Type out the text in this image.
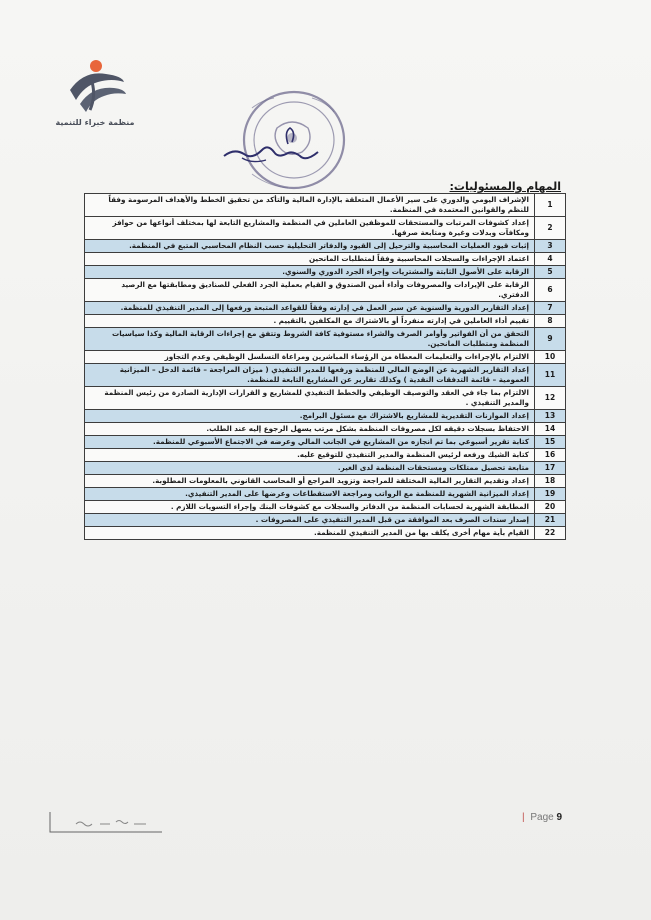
منظمة خبراء للتنمية
المهام والمسئوليات:
1	الإشراف اليومي والدوري على سير الأعمال المتعلقة بالإدارة المالية والتأكد من تحقيق الخطط والأهداف المرسومة وفقاً للنظم والقوانين المعتمدة في المنظمة.
2	إعداد كشوفات المرتبات والمستحقات للموظفين العاملين في المنظمة والمشاريع التابعة لها بمختلف أنواعها من حوافز ومكافآت وبدلات وغيرة ومتابعة صرفها.
3	إثبات قيود العمليات المحاسبية والترحيل إلى القيود والدفاتر التحليلية حسب النظام المحاسبي المتبع في المنظمة.
4	اعتماد الإجراءات والسجلات المحاسبية وفقاً لمتطلبات المانحين
5	الرقابة على الأصول الثابتة والمشتريات وإجراء الجرد الدوري والسنوي.
6	الرقابة على الإيرادات والمصروفات وأداء أمين الصندوق و القيام بعملية الجرد الفعلي للصناديق ومطابقتها مع الرصيد الدفتري.
7	إعداد التقارير الدورية والسنوية عن سير العمل في إدارته وفقاً للقواعد المتبعة ورفعها إلى المدير التنفيذي للمنظمة.
8	تقييم أداء العاملين في إدارته منفرداً أو بالاشتراك مع المكلفين بالتقييم .
9	التحقق من أن الفواتير وأوامر الصرف والشراء مستوفية كافة الشروط وتتفق مع إجراءات الرقابة المالية وكذا سياسيات المنظمة ومتطلبات المانحين.
10	الالتزام بالإجراءات والتعليمات المعطاة من الرؤساء المباشرين ومراعاة التسلسل الوظيفي وعدم التجاوز
11	إعداد التقارير الشهرية عن الوضع المالي للمنظمة ورفعها للمدير التنفيذي ( ميزان المراجعة – قائمة الدخل – الميزانية العمومية – قائمة التدفقات النقدية ) وكذلك تقارير عن المشاريع التابعة للمنظمة.
12	الالتزام بما جاء في العقد والتوصيف الوظيفي والخطط التنفيذي للمشاريع و القرارات الإدارية الصادرة من رئيس المنظمة والمدير التنفيذي .
13	إعداد الموازنات التقديرية للمشاريع بالاشتراك مع مسئول البرامج.
14	الاحتفاظ بسجلات دقيقه لكل مصروفات المنظمة بشكل مرتب يسهل الرجوع إليه عند الطلب.
15	كتابة تقرير أسبوعي بما تم انجازه من المشاريع في الجانب المالي وعرضه في الاجتماع الأسبوعي للمنظمة.
16	كتابة الشيك ورفعه لرئيس المنظمة والمدير التنفيذي للتوقيع عليه.
17	متابعة تحصيل ممتلكات ومستحقات المنظمة لدى الغير.
18	إعداد وتقديم التقارير المالية المختلفة للمراجعة وتزويد المراجع أو المحاسب القانوني بالمعلومات المطلوبة.
19	إعداد الميزانية الشهرية للمنظمة مع الرواتب ومراجعة الاستقطاعات وعرضها على المدير التنفيذي.
20	المطابقة الشهرية لحسابات المنظمة من الدفاتر والسجلات مع كشوفات البنك وإجراء التسويات اللازم .
21	إصدار سندات الصرف بعد الموافقة من قبل المدير التنفيذي على المصروفات .
22	القيام بأية مهام أخرى يكلف بها من المدير التنفيذي للمنظمة.
| Page 9
